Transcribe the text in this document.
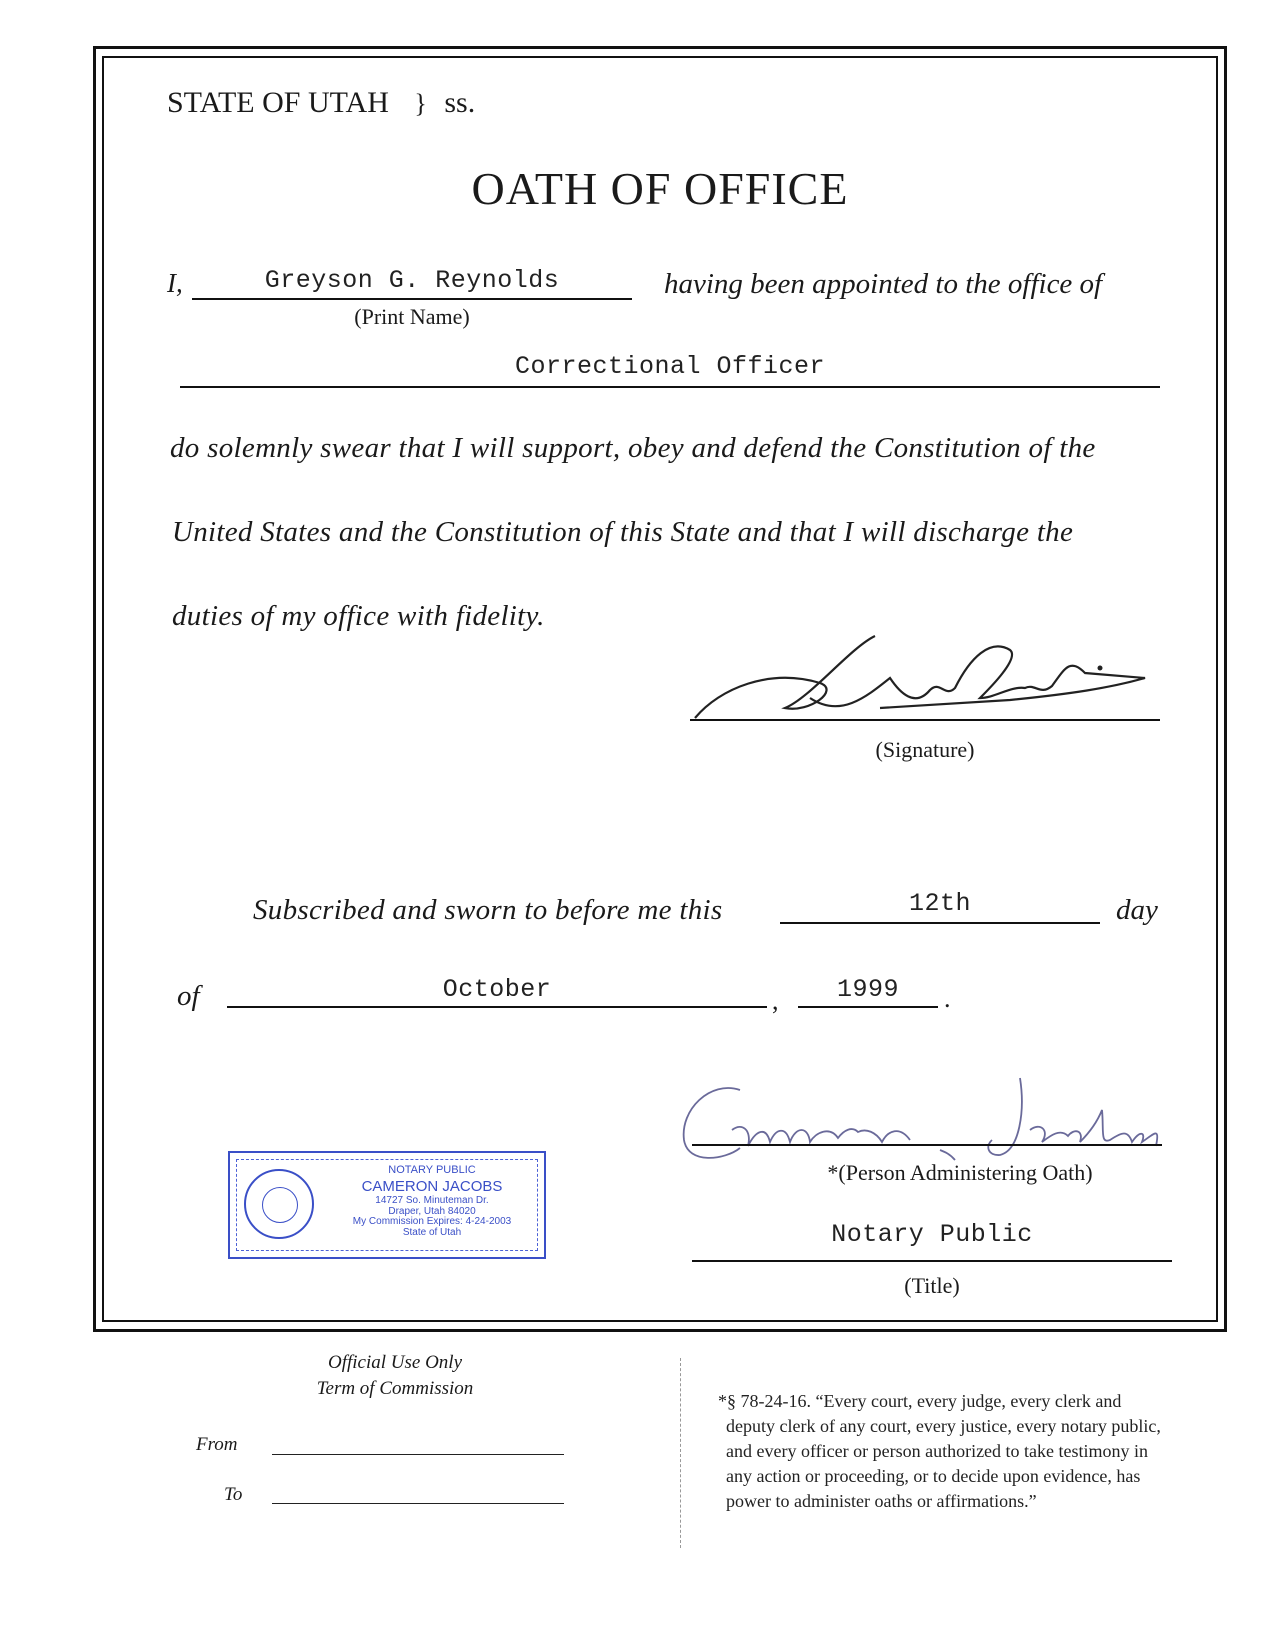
STATE OF UTAH } ss.
OATH OF OFFICE
I,	Greyson G. Reynolds	having been appointed to the office of
(Print Name)
Correctional Officer
do solemnly swear that I will support, obey and defend the Constitution of the
United States and the Constitution of this State and that I will discharge the
duties of my office with fidelity.
(Signature)
Subscribed and sworn to before me this	12th	day
of	October	,	1999	.
*(Person Administering Oath)
NOTARY PUBLIC
CAMERON JACOBS
14727 So. Minuteman Dr.
Draper, Utah 84020
My Commission Expires: 4-24-2003
State of Utah	Notary Public
(Title)
Official Use Only
Term of Commission
From
To
*§ 78-24-16. “Every court, every judge, every clerk and
deputy clerk of any court, every justice, every notary public,
and every officer or person authorized to take testimony in
any action or proceeding, or to decide upon evidence, has
power to administer oaths or affirmations.”
